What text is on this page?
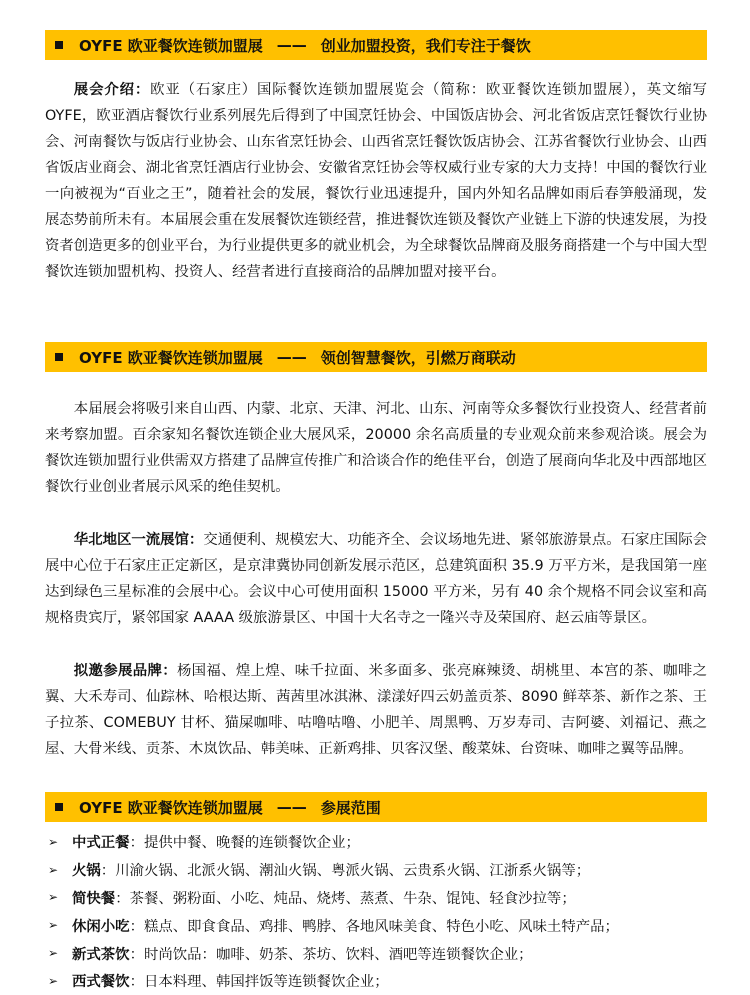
OYFE 欧亚餐饮连锁加盟展 —— 创业加盟投资，我们专注于餐饮

展会介绍：欧亚（石家庄）国际餐饮连锁加盟展览会（简称：欧亚餐饮连锁加盟展），英文缩写 OYFE，欧亚酒店餐饮行业系列展先后得到了中国烹饪协会、中国饭店协会、河北省饭店烹饪餐饮行业协会、河南餐饮与饭店行业协会、山东省烹饪协会、山西省烹饪餐饮饭店协会、江苏省餐饮行业协会、山西省饭店业商会、湖北省烹饪酒店行业协会、安徽省烹饪协会等权威行业专家的大力支持！中国的餐饮行业一向被视为“百业之王”，随着社会的发展，餐饮行业迅速提升，国内外知名品牌如雨后春笋般涌现，发展态势前所未有。本届展会重在发展餐饮连锁经营，推进餐饮连锁及餐饮产业链上下游的快速发展，为投资者创造更多的创业平台，为行业提供更多的就业机会，为全球餐饮品牌商及服务商搭建一个与中国大型餐饮连锁加盟机构、投资人、经营者进行直接商洽的品牌加盟对接平台。

OYFE 欧亚餐饮连锁加盟展 —— 领创智慧餐饮，引燃万商联动

本届展会将吸引来自山西、内蒙、北京、天津、河北、山东、河南等众多餐饮行业投资人、经营者前来考察加盟。百余家知名餐饮连锁企业大展风采，20000 余名高质量的专业观众前来参观洽谈。展会为餐饮连锁加盟行业供需双方搭建了品牌宣传推广和洽谈合作的绝佳平台，创造了展商向华北及中西部地区餐饮行业创业者展示风采的绝佳契机。

华北地区一流展馆：交通便利、规模宏大、功能齐全、会议场地先进、紧邻旅游景点。石家庄国际会展中心位于石家庄正定新区，是京津冀协同创新发展示范区，总建筑面积 35.9 万平方米，是我国第一座达到绿色三星标准的会展中心。会议中心可使用面积 15000 平方米，另有 40 余个规格不同会议室和高规格贵宾厅，紧邻国家 AAAA 级旅游景区、中国十大名寺之一隆兴寺及荣国府、赵云庙等景区。

拟邀参展品牌：杨国福、煌上煌、味千拉面、米多面多、张亮麻辣烫、胡桃里、本宫的茶、咖啡之翼、大禾寿司、仙踪林、哈根达斯、茜茜里冰淇淋、漾漾好四云奶盖贡茶、8090 鲜萃茶、新作之茶、王子拉茶、COMEBUY 甘杯、猫屎咖啡、咕噜咕噜、小肥羊、周黑鸭、万岁寿司、吉阿婆、刘福记、燕之屋、大骨米线、贡茶、木岚饮品、韩美味、正新鸡排、贝客汉堡、酸菜妹、台资味、咖啡之翼等品牌。

OYFE 欧亚餐饮连锁加盟展 —— 参展范围
➢ 中式正餐 ： 提供中餐、晚餐的连锁餐饮企业；
➢ 火锅 ： 川渝火锅、北派火锅、潮汕火锅、粤派火锅、云贵系火锅、江浙系火锅等；
➢ 简快餐 ： 茶餐、粥粉面、小吃、炖品、烧烤、蒸煮、牛杂、馄饨、轻食沙拉等；
➢ 休闲小吃 ： 糕点、即食食品、鸡排、鸭脖、各地风味美食、特色小吃、风味土特产品；
➢ 新式茶饮 ： 时尚饮品：咖啡、奶茶、茶坊、饮料、酒吧等连锁餐饮企业；
➢ 西式餐饮 ： 日本料理、韩国拌饭等连锁餐饮企业；
